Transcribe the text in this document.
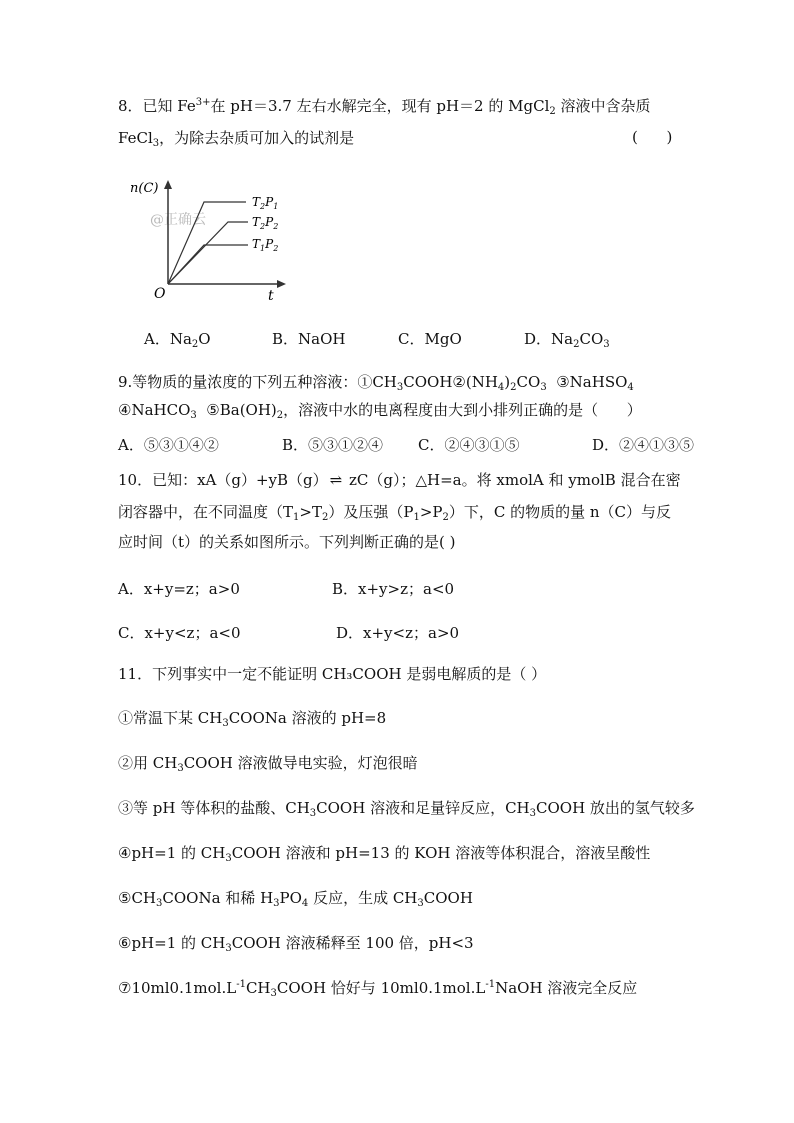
8．已知 $Fe^{3+}$在 pH＝3.7 左右水解完全，现有 pH＝2 的 MgCl$_2$ 溶液中含杂质
FeCl$_3$，为除去杂质可加入的试剂是	(      )
@正确云
n(C)
t
O
$T_2P_1$
$T_2P_2$
$T_1P_2$
A．$Na_2O$	B．NaOH	C．MgO	D．$Na_2CO_3$
9.等物质的量浓度的下列五种溶液：$①CH_3COOH②(NH_4)_2CO_3$  ③NaHSO$_4$
④NaHCO$_3$  $⑤Ba(OH)_2$，溶液中水的电离程度由大到小排列正确的是（      ）
A．⑤③①④②	B．⑤③①②④ C．②④③①⑤	D．②④①③⑤
10．已知：xA（g）+yB（g） ⇌ zC（g）；△H=a。将 xmolA 和 ymolB 混合在密
闭容器中，在不同温度$(T_1>T_2)$及压强$(P_1>P_2)$下，C 的物质的量 n（C）与反
应时间（t）的关系如图所示。下列判断正确的是( )
A．x+y=z；a>0	B．x+y>z；a<0
C．x+y<z；a<0	D．x+y<z；a>0
11．下列事实中一定不能证明 CH₃COOH 是弱电解质的是（ ）
①常温下某 $CH_3COONa$ 溶液的 pH=8
②用 $CH_3COOH$ 溶液做导电实验，灯泡很暗
③等 pH 等体积的盐酸、$CH_3COOH$ 溶液和足量锌反应，$CH_3COOH$ 放出的氢气较多
④pH=1 的 $CH_3COOH$ 溶液和 pH=13 的 KOH 溶液等体积混合，溶液呈酸性
$⑤CH_3COONa$ 和稀 $H_3PO_4$ 反应，生成 $CH_3COOH$
⑥pH=1 的 $CH_3COOH$ 溶液稀释至 100 倍，pH<3
$⑦10ml0.1mol.L^{-1}CH_3COOH$ 恰好与 $10ml0.1mol.L^{-1}NaOH$ 溶液完全反应
